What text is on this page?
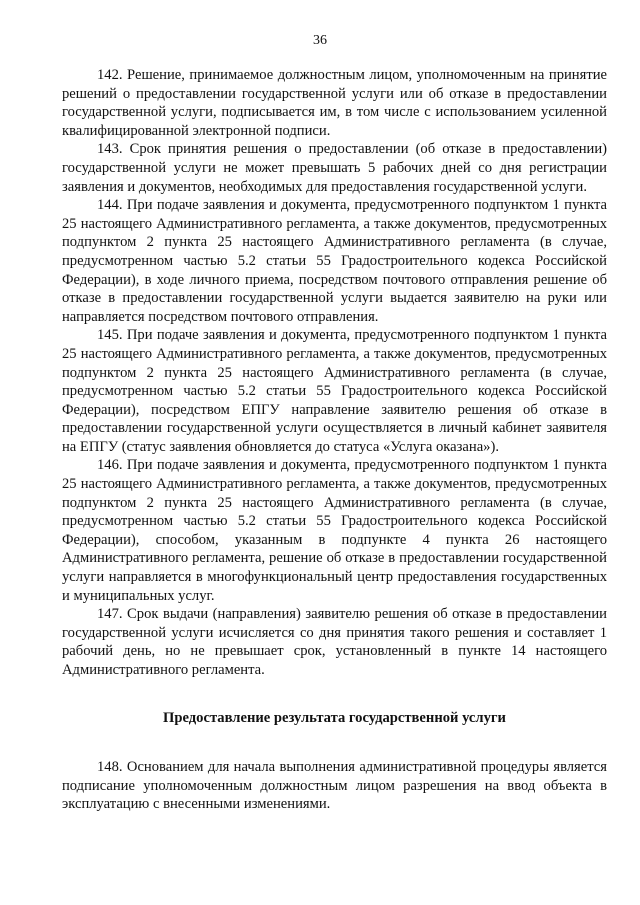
36

142. Решение, принимаемое должностным лицом, уполномоченным на принятие решений о предоставлении государственной услуги или об отказе в предоставлении государственной услуги, подписывается им, в том числе с использованием усиленной квалифицированной электронной подписи.

143. Срок принятия решения о предоставлении (об отказе в предоставлении) государственной услуги не может превышать 5 рабочих дней со дня регистрации заявления и документов, необходимых для предоставления государственной услуги.

144. При подаче заявления и документа, предусмотренного подпунктом 1 пункта 25 настоящего Административного регламента, а также документов, предусмотренных подпунктом 2 пункта 25 настоящего Административного регламента (в случае, предусмотренном частью 5.2 статьи 55 Градостроительного кодекса Российской Федерации), в ходе личного приема, посредством почтового отправления решение об отказе в предоставлении государственной услуги выдается заявителю на руки или направляется посредством почтового отправления.

145. При подаче заявления и документа, предусмотренного подпунктом 1 пункта 25 настоящего Административного регламента, а также документов, предусмотренных подпунктом 2 пункта 25 настоящего Административного регламента (в случае, предусмотренном частью 5.2 статьи 55 Градостроительного кодекса Российской Федерации), посредством ЕПГУ направление заявителю решения об отказе в предоставлении государственной услуги осуществляется в личный кабинет заявителя на ЕПГУ (статус заявления обновляется до статуса «Услуга оказана»).

146. При подаче заявления и документа, предусмотренного подпунктом 1 пункта 25 настоящего Административного регламента, а также документов, предусмотренных подпунктом 2 пункта 25 настоящего Административного регламента (в случае, предусмотренном частью 5.2 статьи 55 Градостроительного кодекса Российской Федерации), способом, указанным в подпункте 4 пункта 26 настоящего Административного регламента, решение об отказе в предоставлении государственной услуги направляется в многофункциональный центр предоставления государственных и муниципальных услуг.

147. Срок выдачи (направления) заявителю решения об отказе в предоставлении государственной услуги исчисляется со дня принятия такого решения и составляет 1 рабочий день, но не превышает срок, установленный в пункте 14 настоящего Административного регламента.

Предоставление результата государственной услуги

148. Основанием для начала выполнения административной процедуры является подписание уполномоченным должностным лицом разрешения на ввод объекта в эксплуатацию с внесенными изменениями.
